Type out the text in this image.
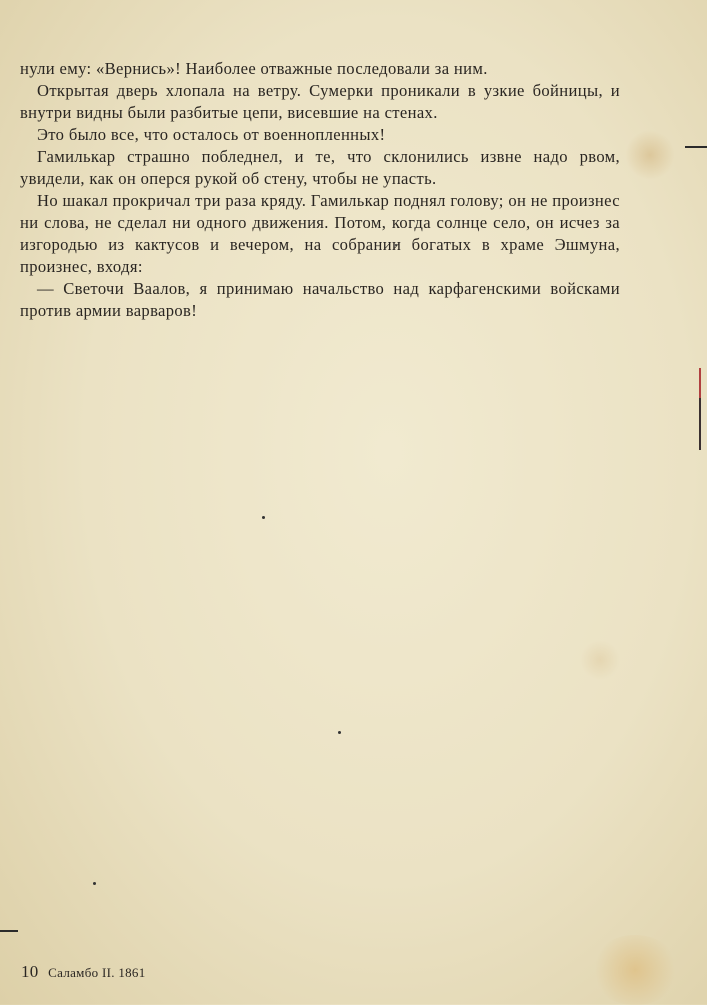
нули ему: «Вернись»! Наиболее отважные последовали за ним.

Открытая дверь хлопала на ветру. Сумерки проникали в узкие бойницы, и внутри видны были разбитые цепи, висевшие на стенах.

Это было все, что осталось от военнопленных!

Гамилькар страшно побледнел, и те, что склонились извне надо рвом, увидели, как он оперся рукой об стену, чтобы не упасть.

Но шакал прокричал три раза кряду. Гамилькар поднял голову; он не произнес ни слова, не сделал ни одного движения. Потом, когда солнце село, он исчез за изгородью из кактусов и вечером, на собрании богатых в храме Эшмуна, произнес, входя:

— Светочи Ваалов, я принимаю начальство над карфагенскими войсками против армии варваров!

10 Саламбо II. 1861
